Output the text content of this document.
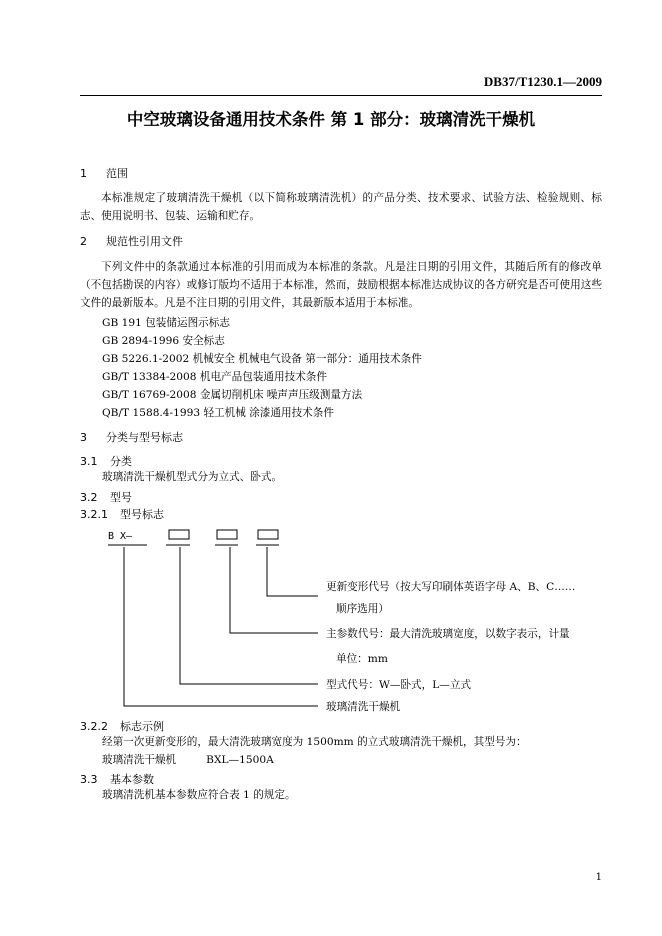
DB37/T1230.1—2009
中空玻璃设备通用技术条件 第 1 部分：玻璃清洗干燥机
1 范围
本标准规定了玻璃清洗干燥机（以下简称玻璃清洗机）的产品分类、技术要求、试验方法、检验规则、标志、使用说明书、包装、运输和贮存。
2 规范性引用文件
下列文件中的条款通过本标准的引用而成为本标准的条款。凡是注日期的引用文件，其随后所有的修改单（不包括勘误的内容）或修订版均不适用于本标准，然而，鼓励根据本标准达成协议的各方研究是否可使用这些文件的最新版本。凡是不注日期的引用文件，其最新版本适用于本标准。
GB 191 包装储运图示标志
GB 2894-1996 安全标志
GB 5226.1-2002 机械安全 机械电气设备 第一部分：通用技术条件
GB/T 13384-2008 机电产品包装通用技术条件
GB/T 16769-2008 金属切削机床 噪声声压级测量方法
QB/T 1588.4-1993 轻工机械 涂漆通用技术条件
3 分类与型号标志
3.1 分类
玻璃清洗干燥机型式分为立式、卧式。
3.2 型号
3.2.1 型号标志
B X—
更新变形代号（按大写印刷体英语字母 A、B、C……
顺序选用）
主参数代号：最大清洗玻璃宽度，以数字表示，计量
单位：mm
型式代号：W—卧式，L—立式
玻璃清洗干燥机
3.2.2 标志示例
经第一次更新变形的，最大清洗玻璃宽度为 1500mm 的立式玻璃清洗干燥机，其型号为：
玻璃清洗干燥机	BXL—1500A
3.3 基本参数
玻璃清洗机基本参数应符合表 1 的规定。
1
